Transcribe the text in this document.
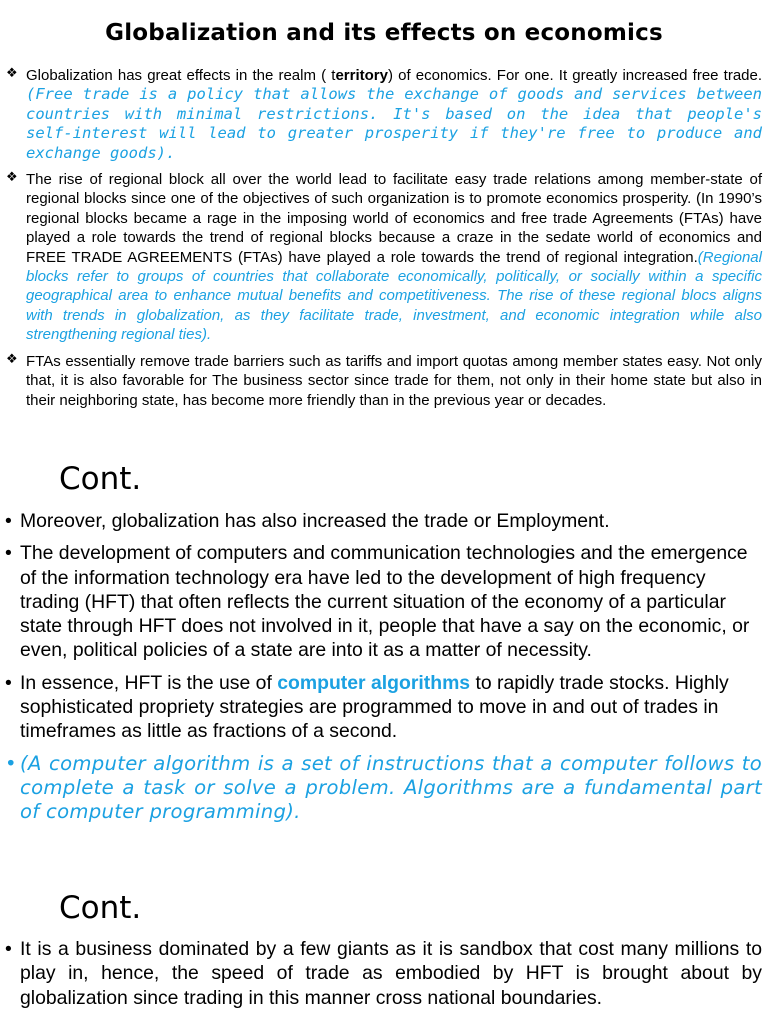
Globalization and its effects on economics
❖ Globalization has great effects in the realm ( territory) of economics. For one. It greatly increased free trade. (Free trade is a policy that allows the exchange of goods and services between countries with minimal restrictions. It's based on the idea that people's self-interest will lead to greater prosperity if they're free to produce and exchange goods).
❖ The rise of regional block all over the world lead to facilitate easy trade relations among member-state of regional blocks since one of the objectives of such organization is to promote economics prosperity. (In 1990’s regional blocks became a rage in the imposing world of economics and free trade Agreements (FTAs) have played a role towards the trend of regional blocks because a craze in the sedate world of economics and FREE TRADE AGREEMENTS (FTAs) have played a role towards the trend of regional integration.(Regional blocks refer to groups of countries that collaborate economically, politically, or socially within a specific geographical area to enhance mutual benefits and competitiveness. The rise of these regional blocs aligns with trends in globalization, as they facilitate trade, investment, and economic integration while also strengthening regional ties).
❖ FTAs essentially remove trade barriers such as tariffs and import quotas among member states easy. Not only that, it is also favorable for The business sector since trade for them, not only in their home state but also in their neighboring state, has become more friendly than in the previous year or decades.
Cont.
• Moreover, globalization has also increased the trade or Employment.
• The development of computers and communication technologies and the emergence of the information technology era have led to the development of high frequency trading (HFT) that often reflects the current situation of the economy of a particular state through HFT does not involved in it, people that have a say on the economic, or even, political policies of a state are into it as a matter of necessity.
• In essence, HFT is the use of computer algorithms to rapidly trade stocks. Highly sophisticated propriety strategies are programmed to move in and out of trades in timeframes as little as fractions of a second.
• (A computer algorithm is a set of instructions that a computer follows to complete a task or solve a problem. Algorithms are a fundamental part of computer programming).
Cont.
• It is a business dominated by a few giants as it is sandbox that cost many millions to play in, hence, the speed of trade as embodied by HFT is brought about by globalization since trading in this manner cross national boundaries.
